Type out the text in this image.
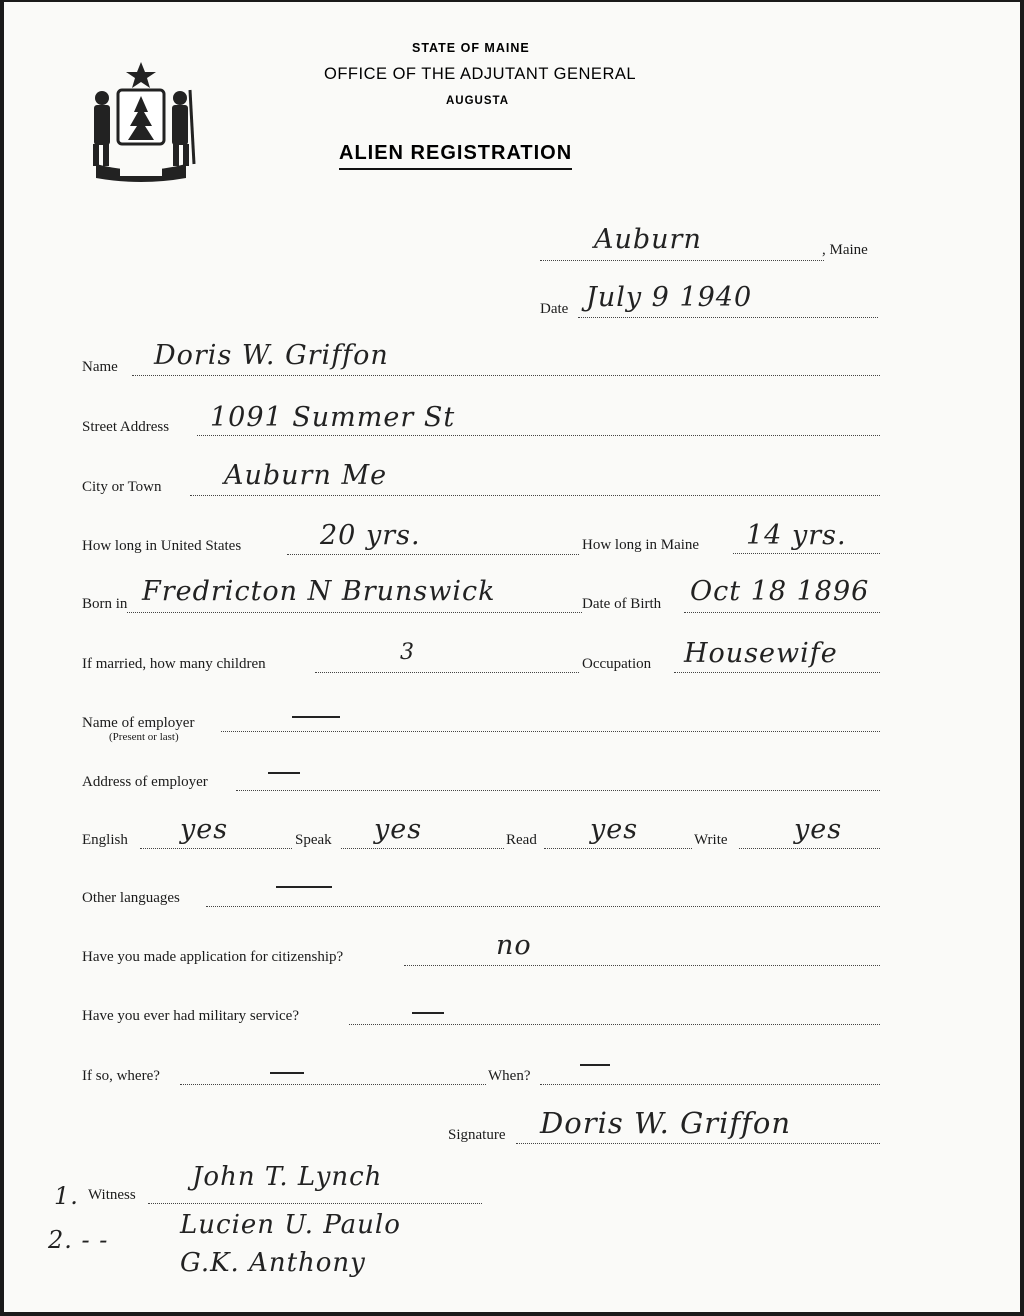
STATE OF MAINE
OFFICE OF THE ADJUTANT GENERAL
AUGUSTA
ALIEN REGISTRATION
Auburn	, Maine
Date July 9 1940
Name Doris W. Griffon
Street Address 1091 Summer St
City or Town Auburn Me
How long in United States	20 yrs.	How long in Maine 14 yrs.
Born in Fredricton N Brunswick	Date of Birth Oct 18 1896
If married, how many children	3	Occupation Housewife
Name of employer
(Present or last)
Address of employer
English yes	Speak yes	Read yes	Write yes
Other languages
Have you made application for citizenship?	no
Have you ever had military service?
If so, where?	When?
Signature Doris W. Griffon
1. Witness
John T. Lynch
2. - -	Lucien U. Paulo
G.K. Anthony
